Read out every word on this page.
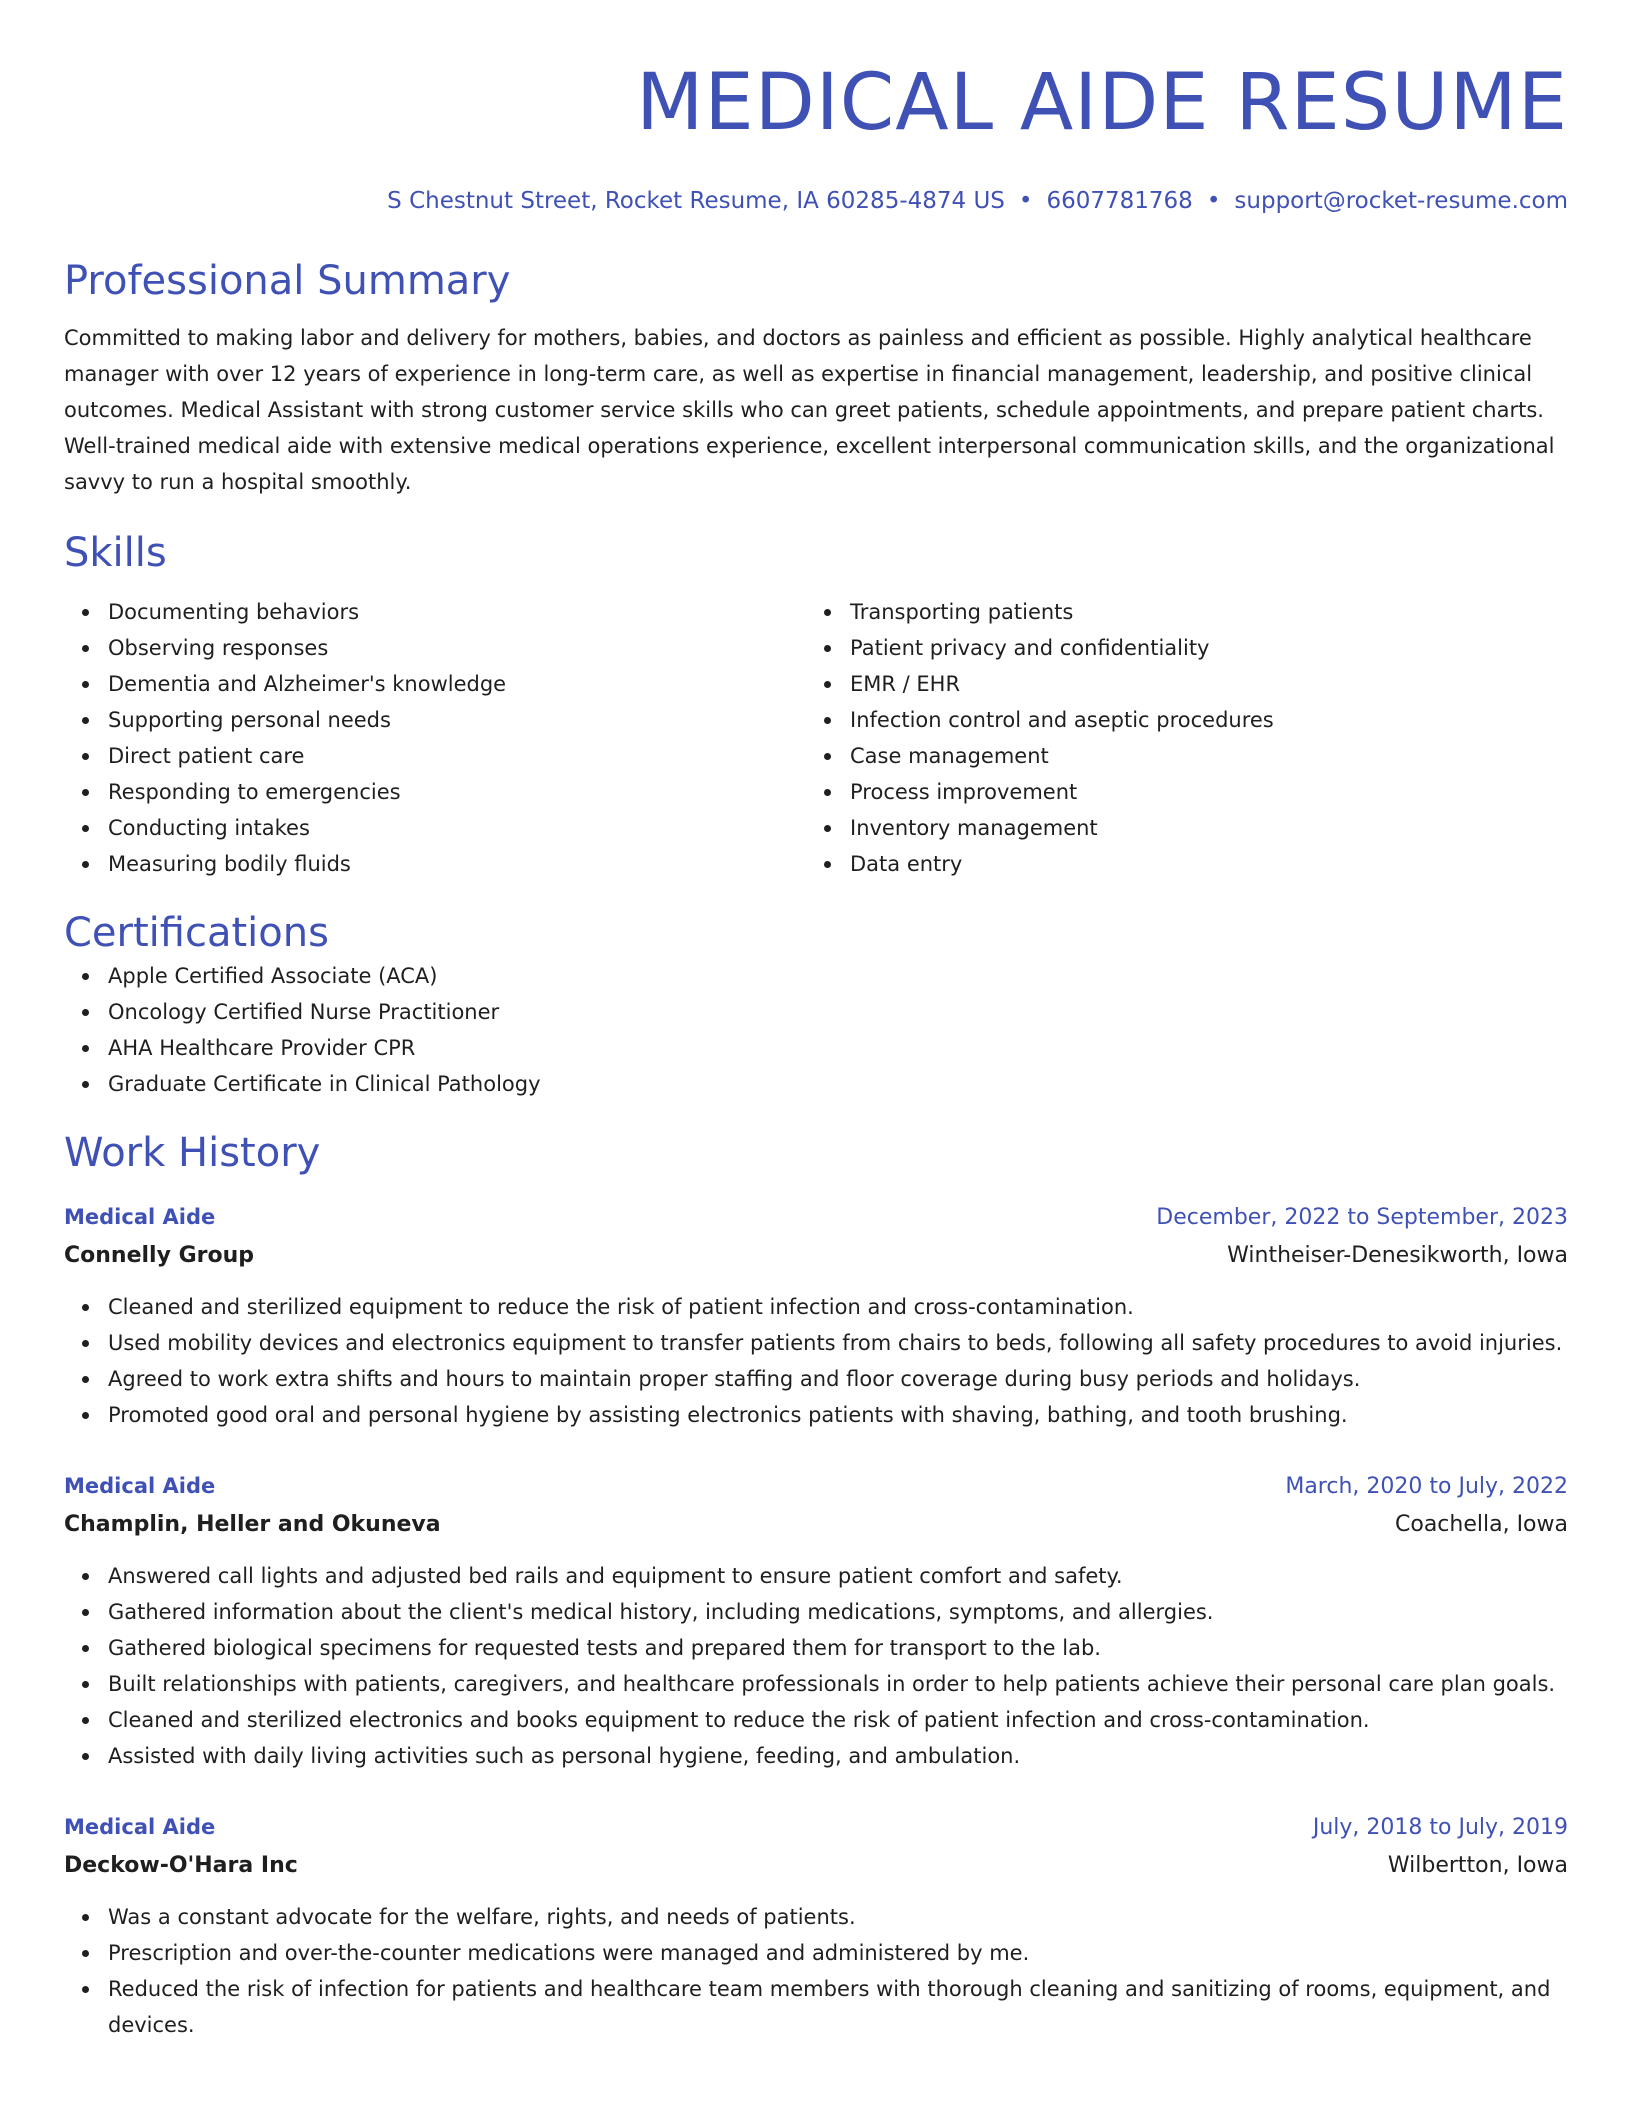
MEDICAL AIDE RESUME
S Chestnut Street, Rocket Resume, IA 60285-4874 US • 6607781768 • support@rocket-resume.com
Professional Summary
Committed to making labor and delivery for mothers, babies, and doctors as painless and efficient as possible. Highly analytical healthcare manager with over 12 years of experience in long-term care, as well as expertise in financial management, leadership, and positive clinical outcomes. Medical Assistant with strong customer service skills who can greet patients, schedule appointments, and prepare patient charts. Well-trained medical aide with extensive medical operations experience, excellent interpersonal communication skills, and the organizational savvy to run a hospital smoothly.
Skills
Documenting behaviors
Observing responses
Dementia and Alzheimer's knowledge
Supporting personal needs
Direct patient care
Responding to emergencies
Conducting intakes
Measuring bodily fluids
Transporting patients
Patient privacy and confidentiality
EMR / EHR
Infection control and aseptic procedures
Case management
Process improvement
Inventory management
Data entry
Certifications
Apple Certified Associate (ACA)
Oncology Certified Nurse Practitioner
AHA Healthcare Provider CPR
Graduate Certificate in Clinical Pathology
Work History
Medical Aide	December, 2022 to September, 2023
Connelly Group	Wintheiser-Denesikworth, Iowa
Cleaned and sterilized equipment to reduce the risk of patient infection and cross-contamination.
Used mobility devices and electronics equipment to transfer patients from chairs to beds, following all safety procedures to avoid injuries.
Agreed to work extra shifts and hours to maintain proper staffing and floor coverage during busy periods and holidays.
Promoted good oral and personal hygiene by assisting electronics patients with shaving, bathing, and tooth brushing.
Medical Aide	March, 2020 to July, 2022
Champlin, Heller and Okuneva	Coachella, Iowa
Answered call lights and adjusted bed rails and equipment to ensure patient comfort and safety.
Gathered information about the client's medical history, including medications, symptoms, and allergies.
Gathered biological specimens for requested tests and prepared them for transport to the lab.
Built relationships with patients, caregivers, and healthcare professionals in order to help patients achieve their personal care plan goals.
Cleaned and sterilized electronics and books equipment to reduce the risk of patient infection and cross-contamination.
Assisted with daily living activities such as personal hygiene, feeding, and ambulation.
Medical Aide	July, 2018 to July, 2019
Deckow-O'Hara Inc	Wilbertton, Iowa
Was a constant advocate for the welfare, rights, and needs of patients.
Prescription and over-the-counter medications were managed and administered by me.
Reduced the risk of infection for patients and healthcare team members with thorough cleaning and sanitizing of rooms, equipment, and devices.
